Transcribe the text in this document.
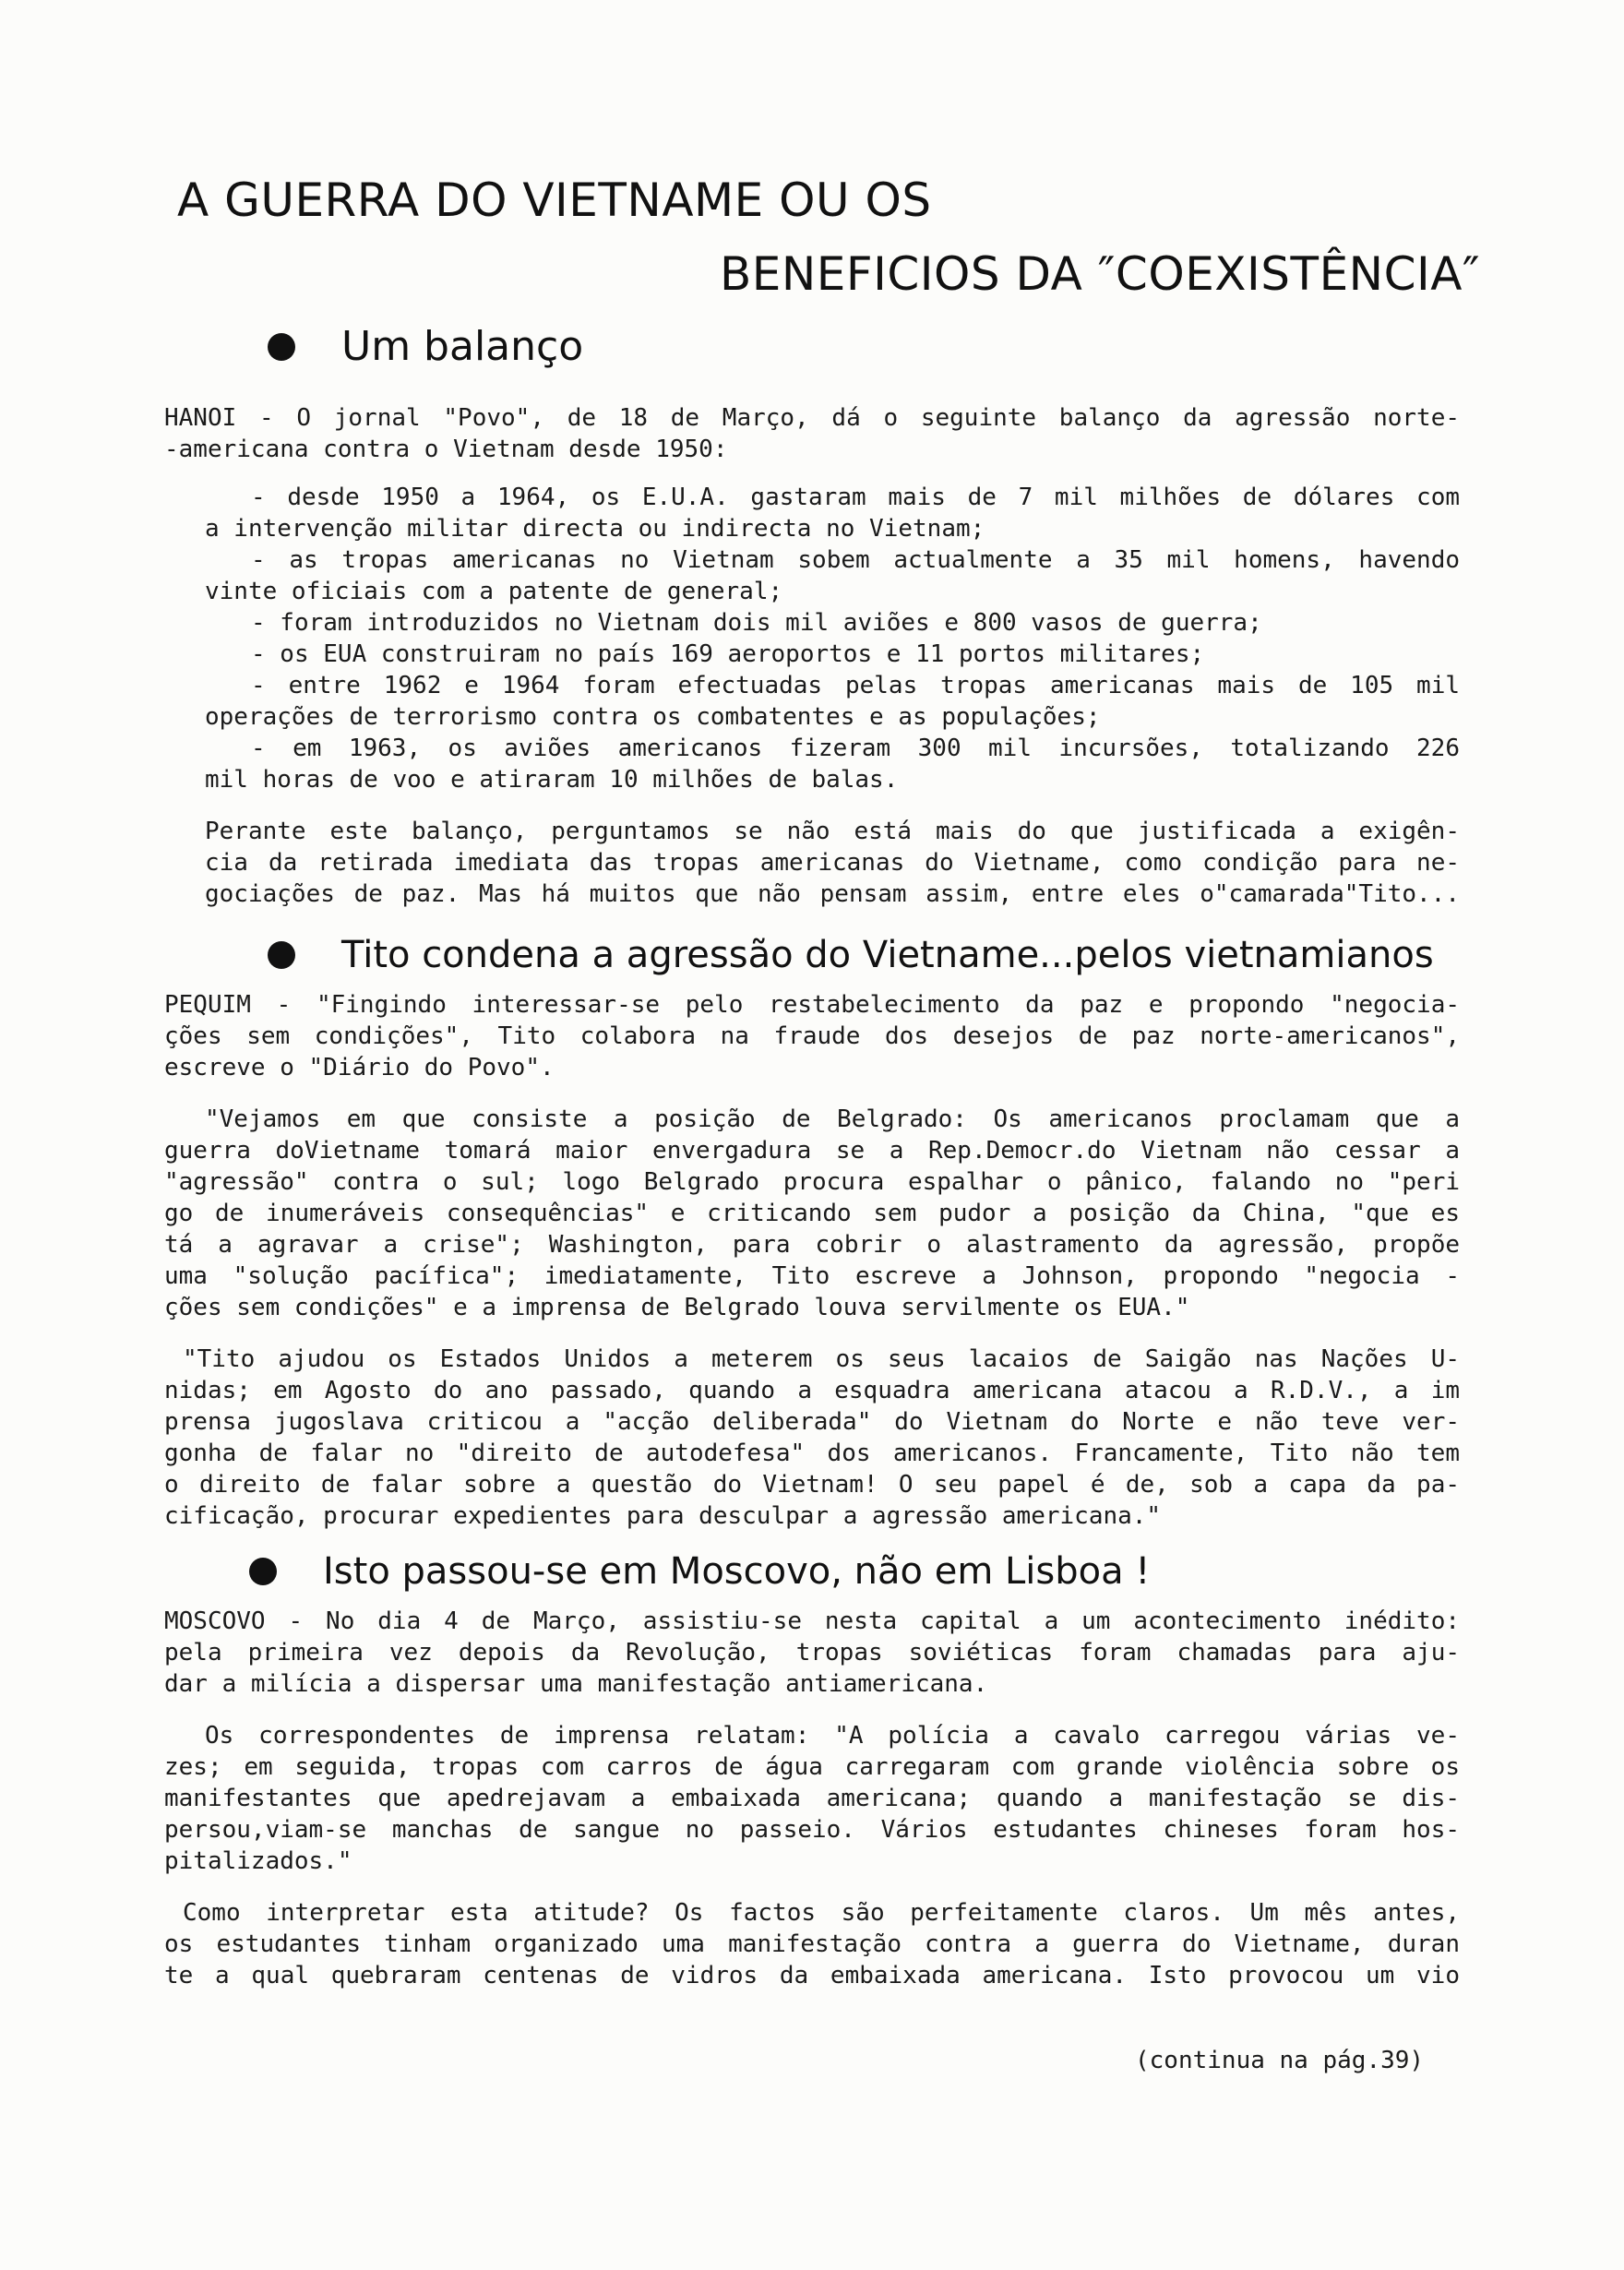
A GUERRA DO VIETNAME OU OS
BENEFICIOS DA ″COEXISTÊNCIA″
Um balanço
HANOI - O jornal "Povo", de 18 de Março, dá o seguinte balanço da agressão norte-
-americana contra o Vietnam desde 1950:
- desde 1950 a 1964, os E.U.A. gastaram mais de 7 mil milhões de dólares com
a intervenção militar directa ou indirecta no Vietnam;
- as tropas americanas no Vietnam sobem actualmente a 35 mil homens, havendo
vinte oficiais com a patente de general;
- foram introduzidos no Vietnam dois mil aviões e 800 vasos de guerra;
- os EUA construiram no país 169 aeroportos e 11 portos militares;
- entre 1962 e 1964 foram efectuadas pelas tropas americanas mais de 105 mil
operações de terrorismo contra os combatentes e as populações;
- em 1963, os aviões americanos fizeram 300 mil incursões, totalizando 226
mil horas de voo e atiraram 10 milhões de balas.
Perante este balanço, perguntamos se não está mais do que justificada a exigên-
cia da retirada imediata das tropas americanas do Vietname, como condição para ne-
gociações de paz. Mas há muitos que não pensam assim, entre eles o"camarada"Tito...
Tito condena a agressão do Vietname...pelos vietnamianos
PEQUIM - "Fingindo interessar-se pelo restabelecimento da paz e propondo "negocia-
ções sem condições", Tito colabora na fraude dos desejos de paz norte-americanos",
escreve o "Diário do Povo".
"Vejamos em que consiste a posição de Belgrado: Os americanos proclamam que a
guerra doVietname tomará maior envergadura se a Rep.Democr.do Vietnam não cessar a
"agressão" contra o sul; logo Belgrado procura espalhar o pânico, falando no "peri
go de inumeráveis consequências" e criticando sem pudor a posição da China, "que es
tá a agravar a crise"; Washington, para cobrir o alastramento da agressão, propõe
uma "solução pacífica"; imediatamente, Tito escreve a Johnson, propondo "negocia -
ções sem condições" e a imprensa de Belgrado louva servilmente os EUA."
"Tito ajudou os Estados Unidos a meterem os seus lacaios de Saigão nas Nações U-
nidas; em Agosto do ano passado, quando a esquadra americana atacou a R.D.V., a im
prensa jugoslava criticou a "acção deliberada" do Vietnam do Norte e não teve ver-
gonha de falar no "direito de autodefesa" dos americanos. Francamente, Tito não tem
o direito de falar sobre a questão do Vietnam! O seu papel é de, sob a capa da pa-
cificação, procurar expedientes para desculpar a agressão americana."
Isto passou-se em Moscovo, não em Lisboa !
MOSCOVO - No dia 4 de Março, assistiu-se nesta capital a um acontecimento inédito:
pela primeira vez depois da Revolução, tropas soviéticas foram chamadas para aju-
dar a milícia a dispersar uma manifestação antiamericana.
Os correspondentes de imprensa relatam: "A polícia a cavalo carregou várias ve-
zes; em seguida, tropas com carros de água carregaram com grande violência sobre os
manifestantes que apedrejavam a embaixada americana; quando a manifestação se dis-
persou,viam-se manchas de sangue no passeio. Vários estudantes chineses foram hos-
pitalizados."
Como interpretar esta atitude? Os factos são perfeitamente claros. Um mês antes,
os estudantes tinham organizado uma manifestação contra a guerra do Vietname, duran
te a qual quebraram centenas de vidros da embaixada americana. Isto provocou um vio
(continua na pág.39)
